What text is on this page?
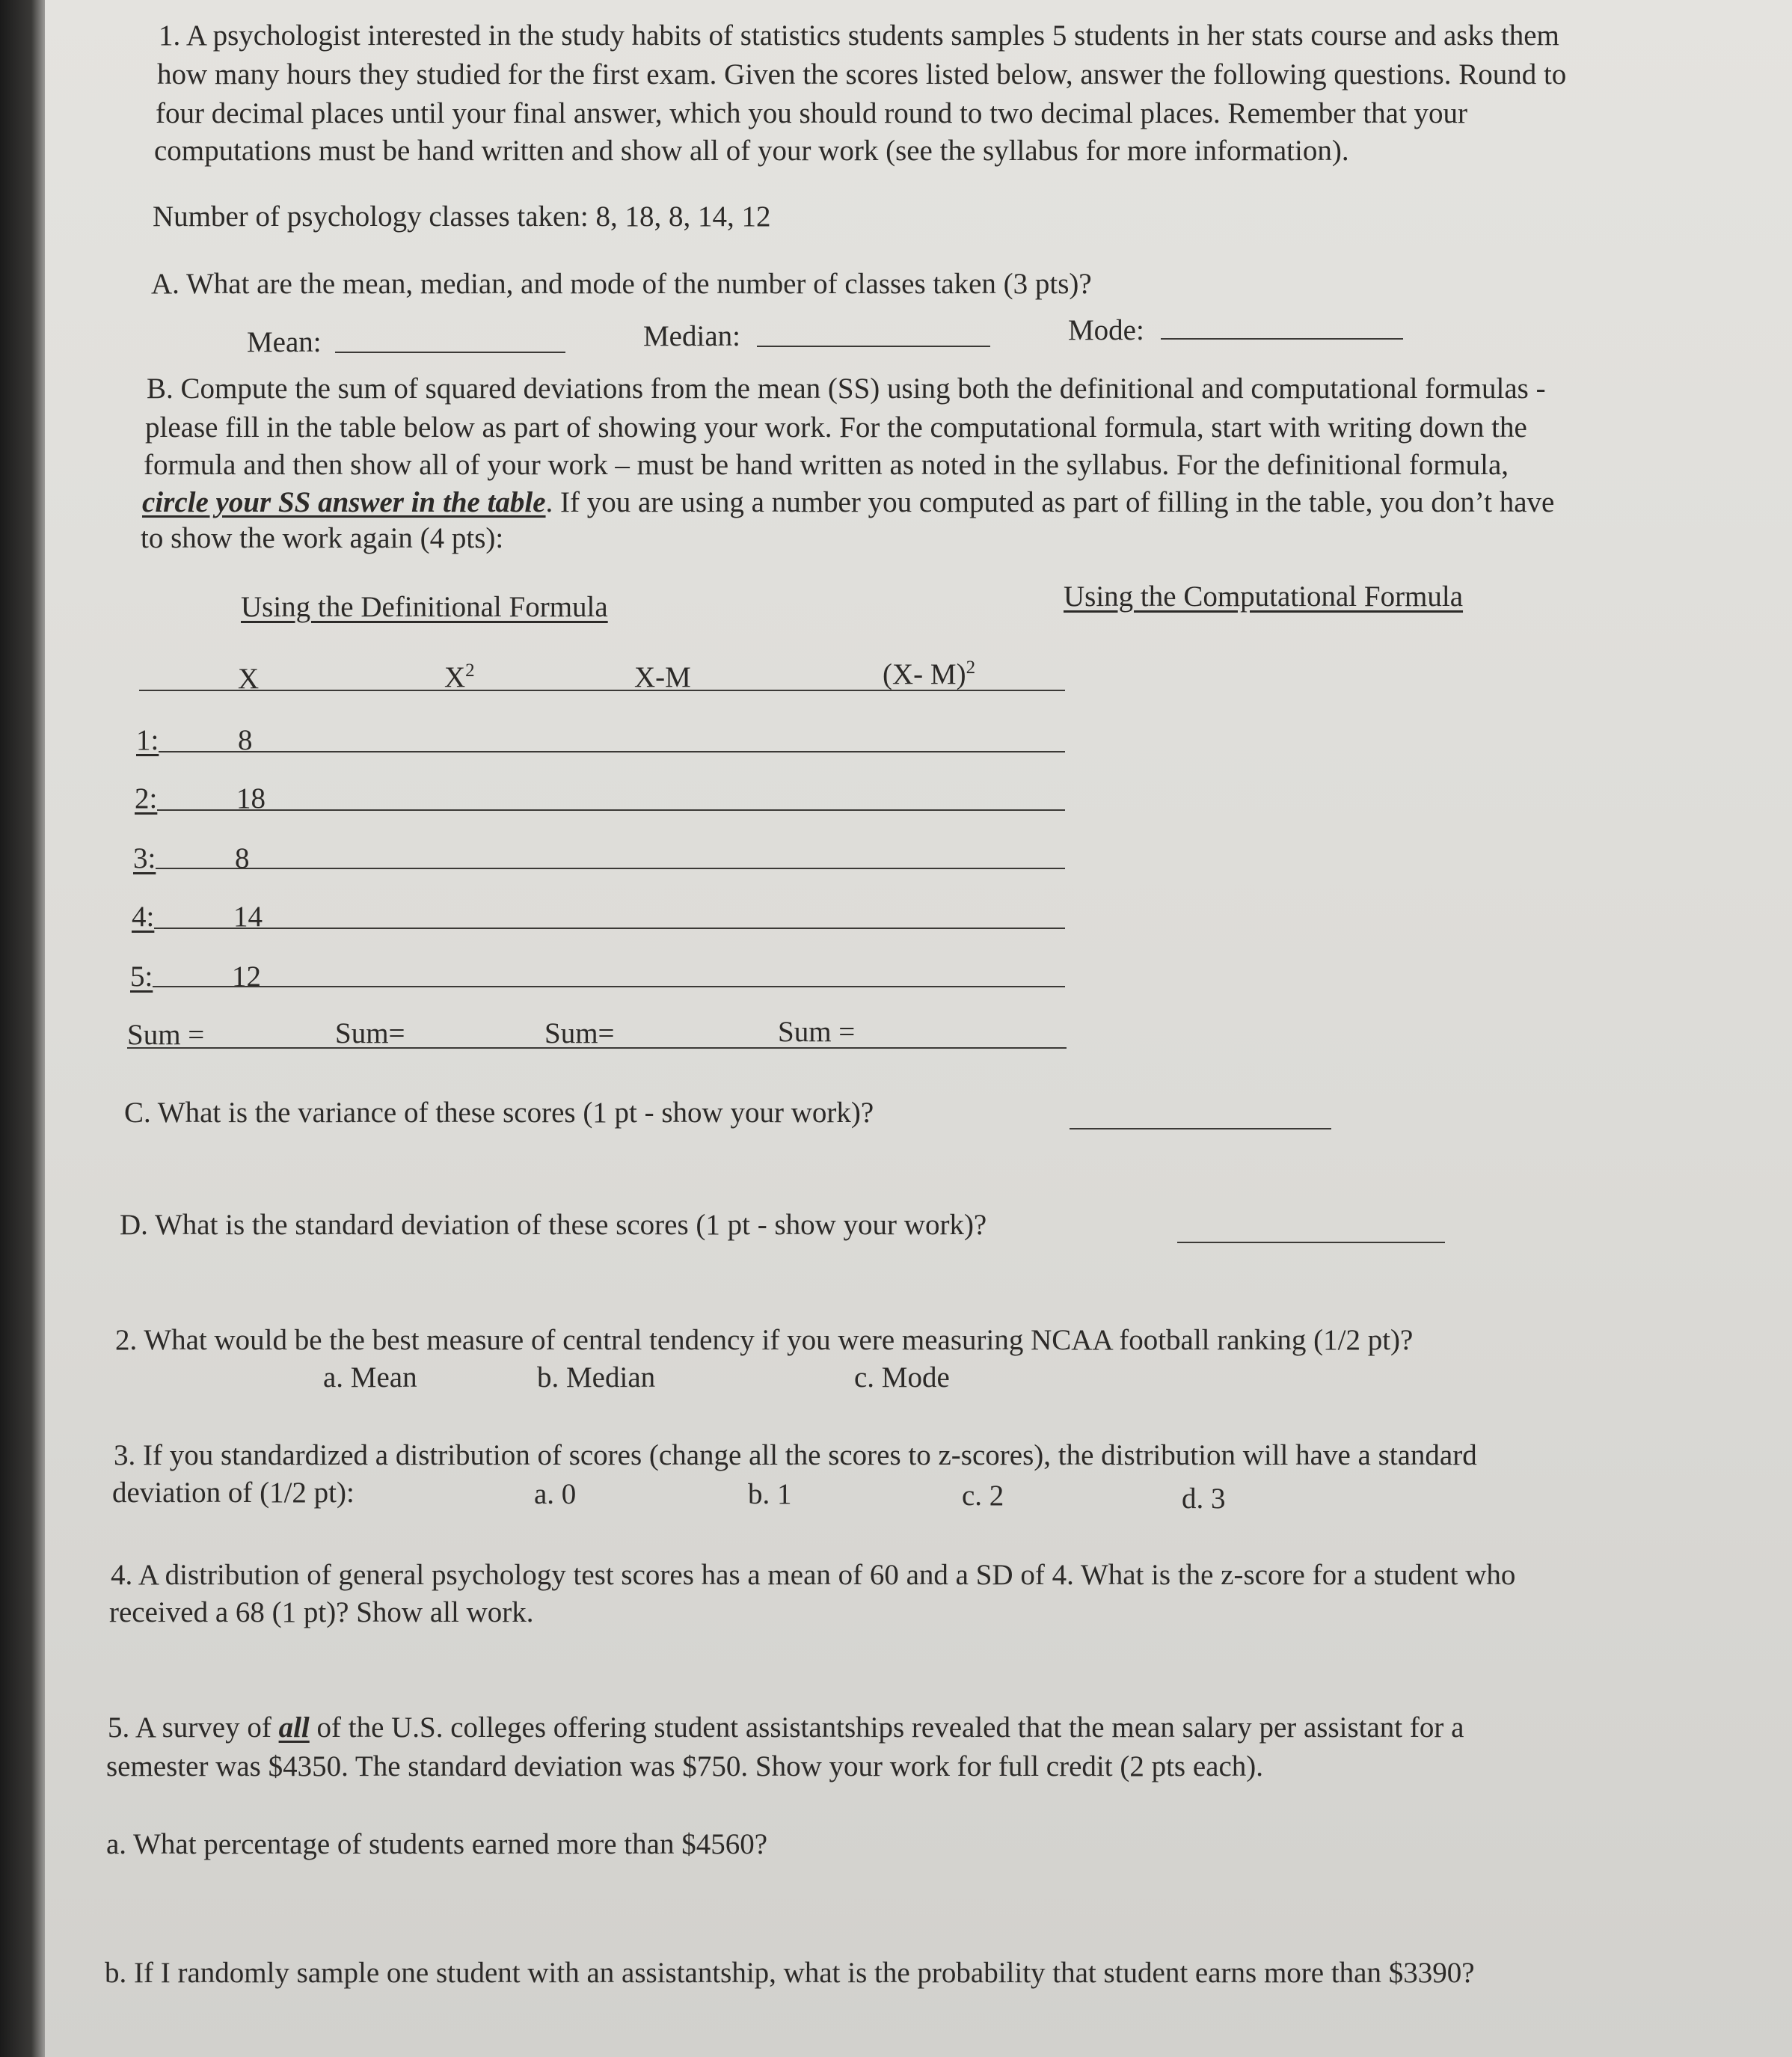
1. A psychologist interested in the study habits of statistics students samples 5 students in her stats course and asks them
how many hours they studied for the first exam. Given the scores listed below, answer the following questions. Round to
four decimal places until your final answer, which you should round to two decimal places. Remember that your
computations must be hand written and show all of your work (see the syllabus for more information).
Number of psychology classes taken: 8, 18, 8, 14, 12
A. What are the mean, median, and mode of the number of classes taken (3 pts)?
Mean:	Median:	Mode:
B. Compute the sum of squared deviations from the mean (SS) using both the definitional and computational formulas -
please fill in the table below as part of showing your work. For the computational formula, start with writing down the
formula and then show all of your work – must be hand written as noted in the syllabus. For the definitional formula,
circle your SS answer in the table. If you are using a number you computed as part of filling in the table, you don’t have
to show the work again (4 pts):
Using the Definitional Formula	Using the Computational Formula
X	$X^2$	X-M	(X- M)$^2$
1:	8
2:	18
3:	8
4:	14
5:	12
Sum =	Sum=	Sum=	Sum =
C. What is the variance of these scores (1 pt - show your work)?
D. What is the standard deviation of these scores (1 pt - show your work)?
2. What would be the best measure of central tendency if you were measuring NCAA football ranking (1/2 pt)?
a. Mean	b. Median	c. Mode
3. If you standardized a distribution of scores (change all the scores to z-scores), the distribution will have a standard
deviation of (1/2 pt):	a. 0	b. 1	c. 2	d. 3
4. A distribution of general psychology test scores has a mean of 60 and a SD of 4. What is the z-score for a student who
received a 68 (1 pt)? Show all work.
5. A survey of all of the U.S. colleges offering student assistantships revealed that the mean salary per assistant for a
semester was $4350. The standard deviation was $750. Show your work for full credit (2 pts each).
a. What percentage of students earned more than $4560?
b. If I randomly sample one student with an assistantship, what is the probability that student earns more than $3390?
